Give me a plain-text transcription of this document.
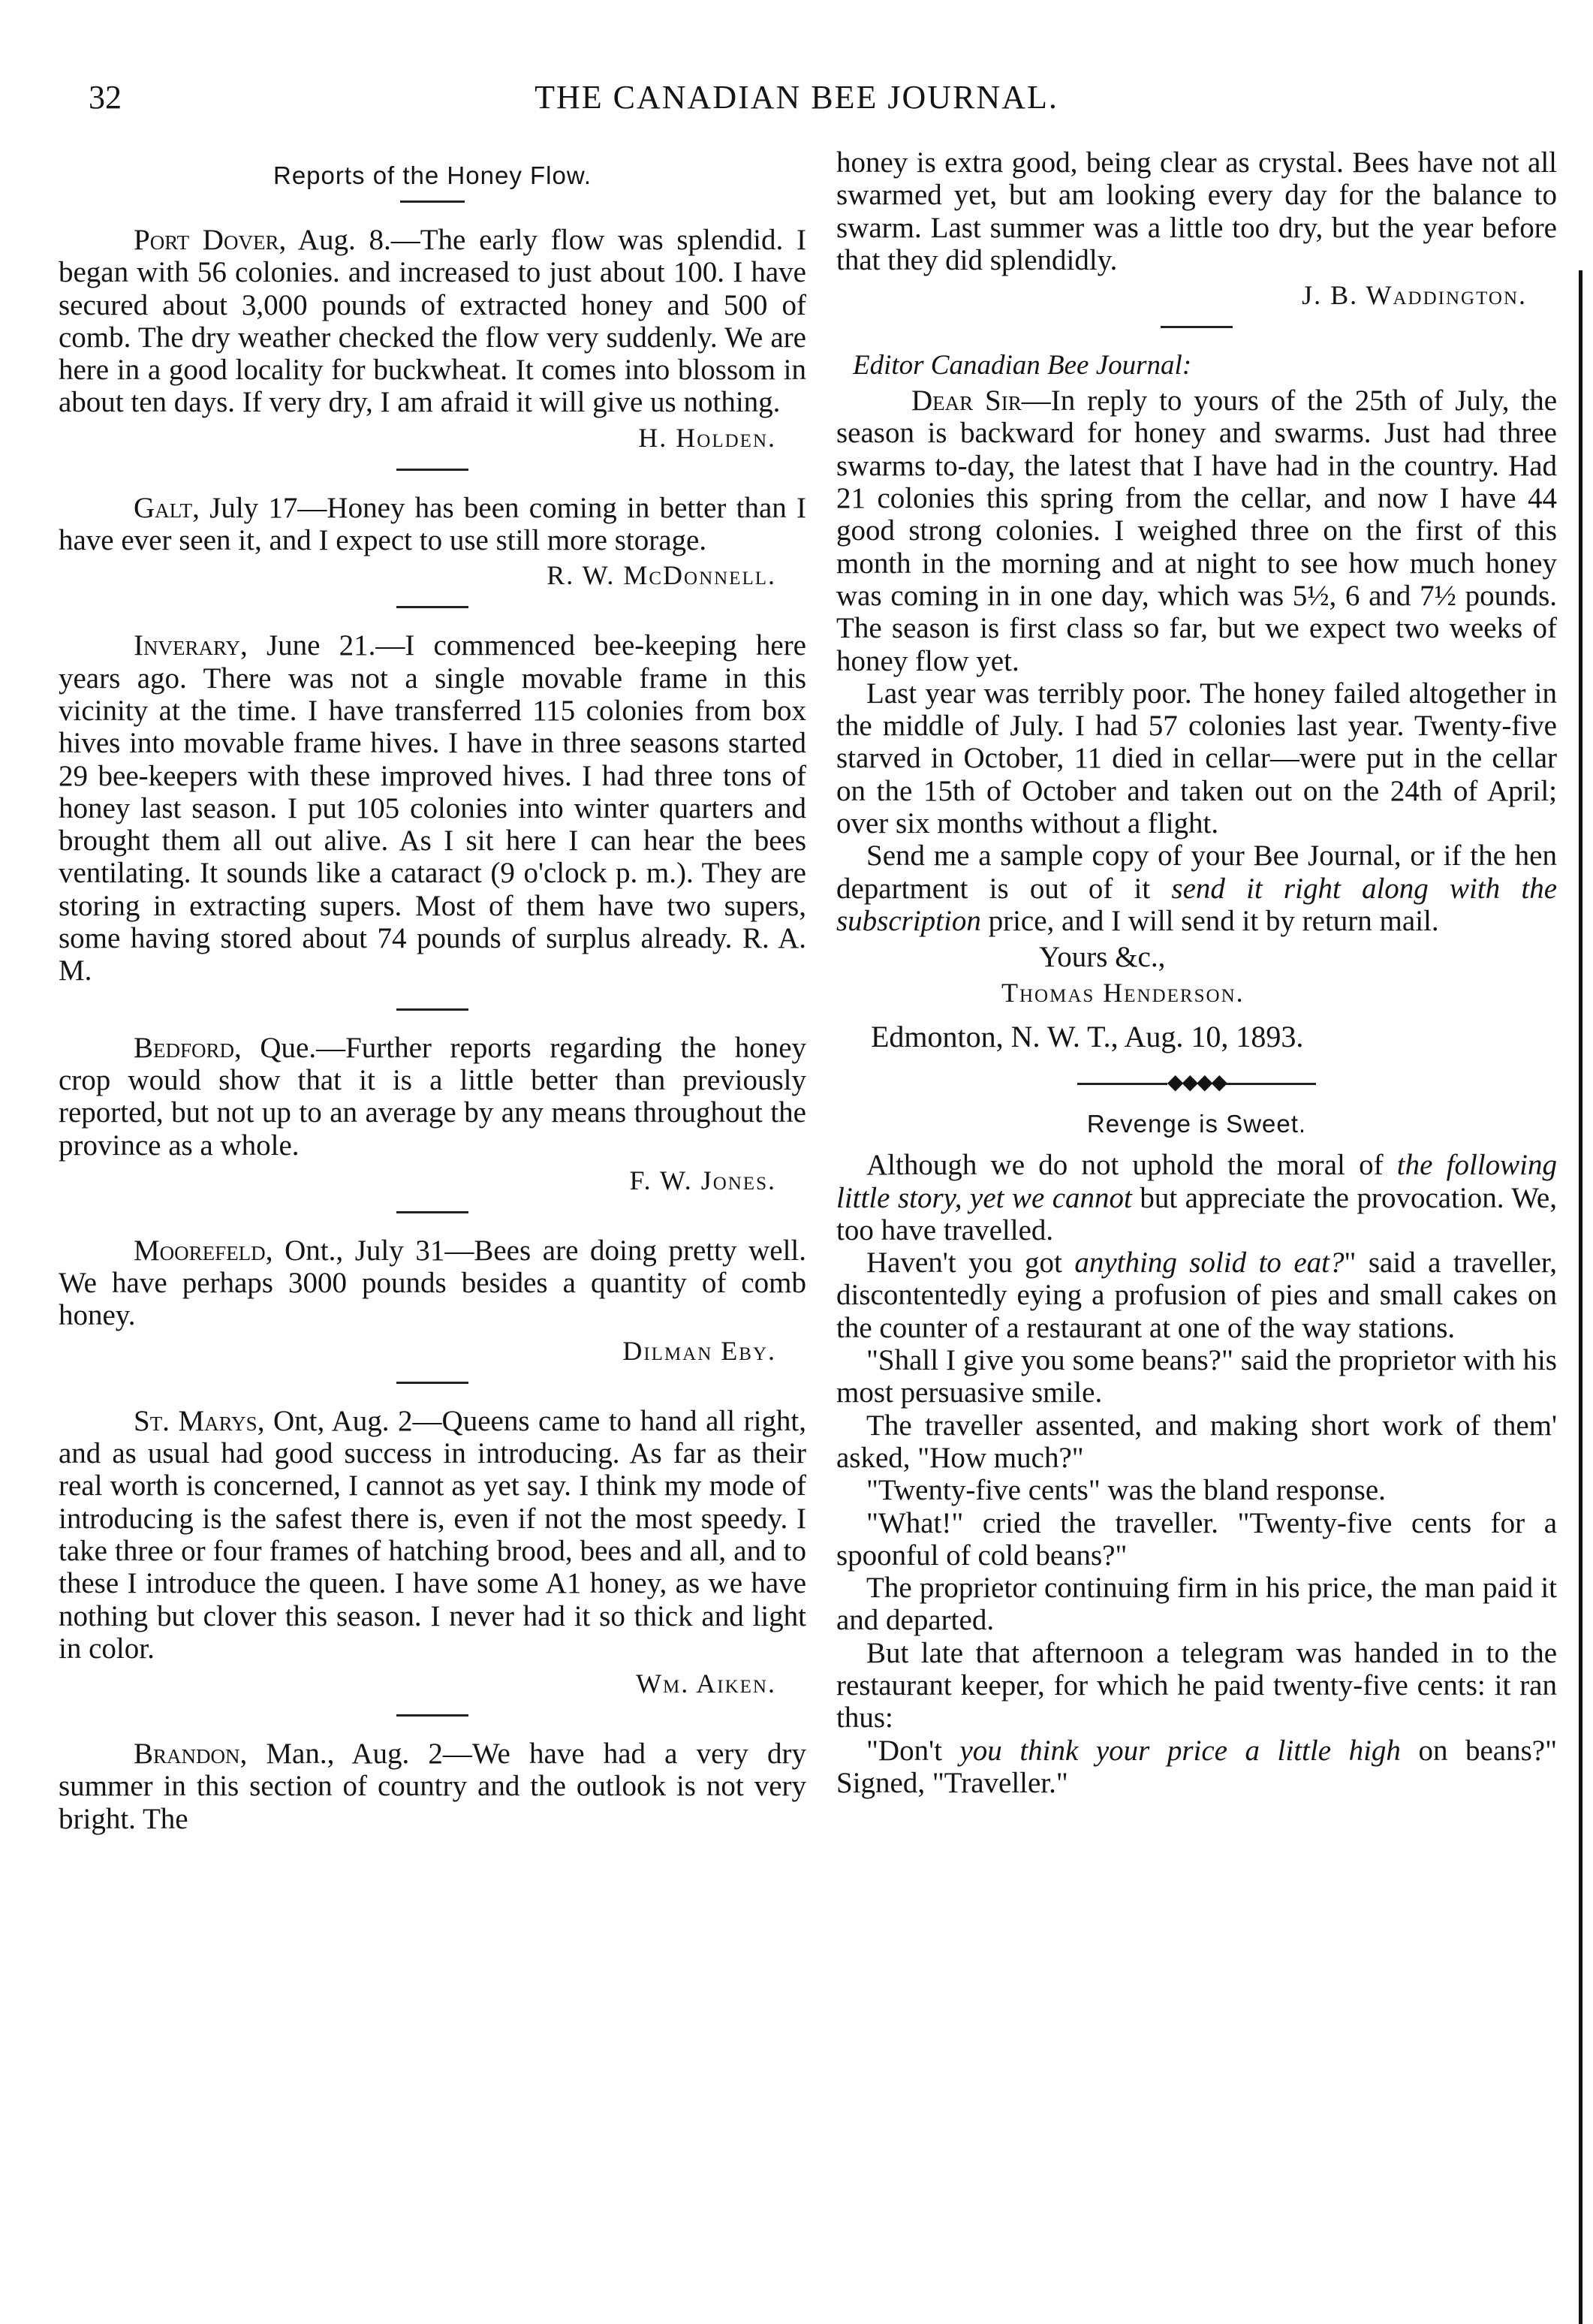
32	THE CANADIAN BEE JOURNAL.
Reports of the Honey Flow.

Port Dover, Aug. 8.—The early flow was splendid. I began with 56 colonies. and increased to just about 100. I have secured about 3,000 pounds of extracted honey and 500 of comb. The dry weather checked the flow very suddenly. We are here in a good locality for buckwheat. It comes into blossom in about ten days. If very dry, I am afraid it will give us nothing.

H. Holden.

Galt, July 17—Honey has been coming in better than I have ever seen it, and I expect to use still more storage.

R. W. McDonnell.

Inverary, June 21.—I commenced bee-keeping here years ago. There was not a single movable frame in this vicinity at the time. I have transferred 115 colonies from box hives into movable frame hives. I have in three seasons started 29 bee-keepers with these improved hives. I had three tons of honey last season. I put 105 colonies into winter quarters and brought them all out alive. As I sit here I can hear the bees ventilating. It sounds like a cataract (9 o'clock p. m.). They are storing in extracting supers. Most of them have two supers, some having stored about 74 pounds of surplus already. R. A. M.

Bedford, Que.—Further reports regarding the honey crop would show that it is a little better than previously reported, but not up to an average by any means throughout the province as a whole.

F. W. Jones.

Moorefeld, Ont., July 31—Bees are doing pretty well. We have perhaps 3000 pounds besides a quantity of comb honey.

Dilman Eby.

St. Marys, Ont, Aug. 2—Queens came to hand all right, and as usual had good success in introducing. As far as their real worth is concerned, I cannot as yet say. I think my mode of introducing is the safest there is, even if not the most speedy. I take three or four frames of hatching brood, bees and all, and to these I introduce the queen. I have some A1 honey, as we have nothing but clover this season. I never had it so thick and light in color.

Wm. Aiken.

Brandon, Man., Aug. 2—We have had a very dry summer in this section of country and the outlook is not very bright. The

honey is extra good, being clear as crystal. Bees have not all swarmed yet, but am looking every day for the balance to swarm. Last summer was a little too dry, but the year before that they did splendidly.

J. B. Waddington.
Editor Canadian Bee Journal:

Dear Sir—In reply to yours of the 25th of July, the season is backward for honey and swarms. Just had three swarms to-day, the latest that I have had in the country. Had 21 colonies this spring from the cellar, and now I have 44 good strong colonies. I weighed three on the first of this month in the morning and at night to see how much honey was coming in in one day, which was 5½, 6 and 7½ pounds. The season is first class so far, but we expect two weeks of honey flow yet.

Last year was terribly poor. The honey failed altogether in the middle of July. I had 57 colonies last year. Twenty-five starved in October, 11 died in cellar—were put in the cellar on the 15th of October and taken out on the 24th of April; over six months without a flight.

Send me a sample copy of your Bee Journal, or if the hen department is out of it send it right along with the subscription price, and I will send it by return mail.

Yours &c.,
Thomas Henderson.
Edmonton, N. W. T., Aug. 10, 1893.
◆◆◆◆
Revenge is Sweet.

Although we do not uphold the moral of the following little story, yet we cannot but appreciate the provocation. We, too have travelled.

Haven't you got anything solid to eat?" said a traveller, discontentedly eying a profusion of pies and small cakes on the counter of a restaurant at one of the way stations.

"Shall I give you some beans?" said the proprietor with his most persuasive smile.

The traveller assented, and making short work of them' asked, "How much?"

"Twenty-five cents" was the bland response.

"What!" cried the traveller. "Twenty-five cents for a spoonful of cold beans?"

The proprietor continuing firm in his price, the man paid it and departed.

But late that afternoon a telegram was handed in to the restaurant keeper, for which he paid twenty-five cents: it ran thus:

"Don't you think your price a little high on beans?" Signed, "Traveller."
